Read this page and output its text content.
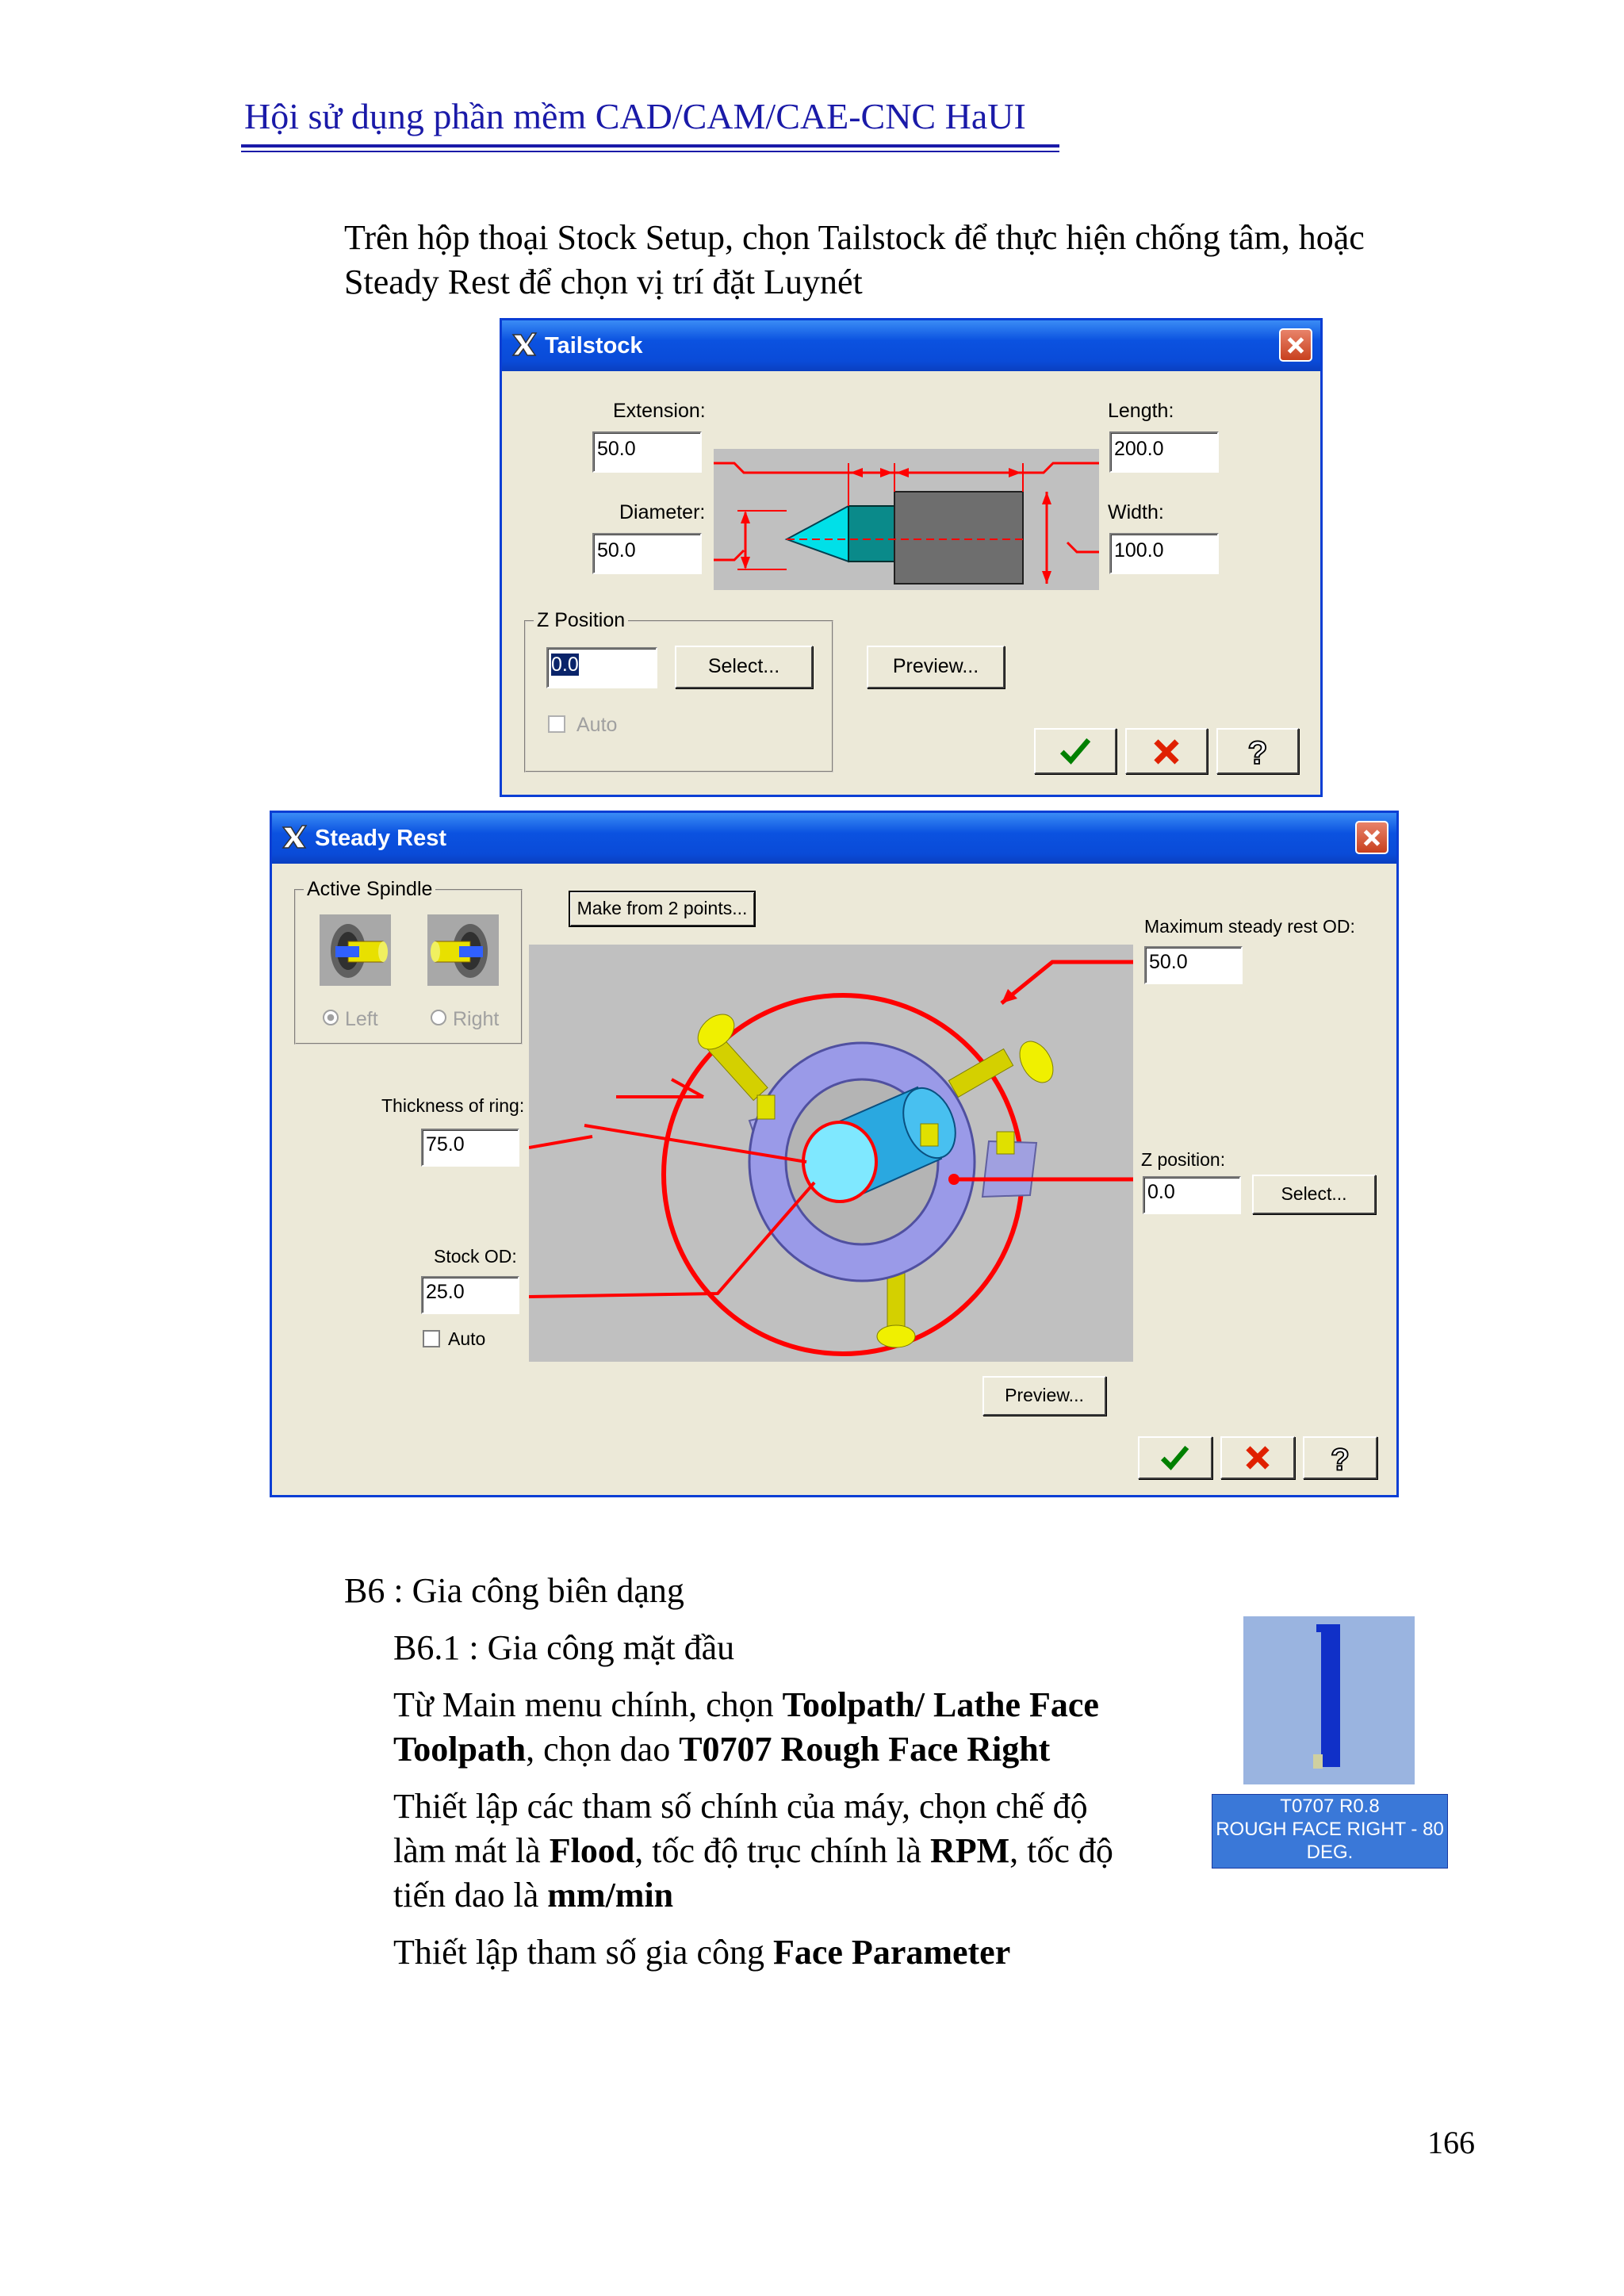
Hội sử dụng phần mềm CAD/CAM/CAE-CNC HaUI
Trên hộp thoại Stock Setup, chọn Tailstock để thực hiện chống tâm, hoặc
Steady Rest để chọn vị trí đặt Luynét
Tailstock
Extension:
50.0
Diameter:
50.0
Length:
200.0
Width:
100.0
Z Position
0.0	Select...
Auto
Preview...
?
Steady Rest
Active Spindle
Left	Right
Make from 2 points...
Maximum steady rest OD:
50.0
Thickness of ring:
75.0
Z position:
0.0	Select...
Stock OD:
25.0
Auto
Preview...
?
B6 : Gia công biên dạng
B6.1 : Gia công mặt đầu
Từ Main menu chính, chọn Toolpath/ Lathe Face
Toolpath, chọn dao T0707 Rough Face Right
Thiết lập các tham số chính của máy, chọn chế độ
làm mát là Flood, tốc độ trục chính là RPM, tốc độ
tiến dao là mm/min
Thiết lập tham số gia công Face Parameter
T0707 R0.8
ROUGH FACE RIGHT - 80
DEG.
166
